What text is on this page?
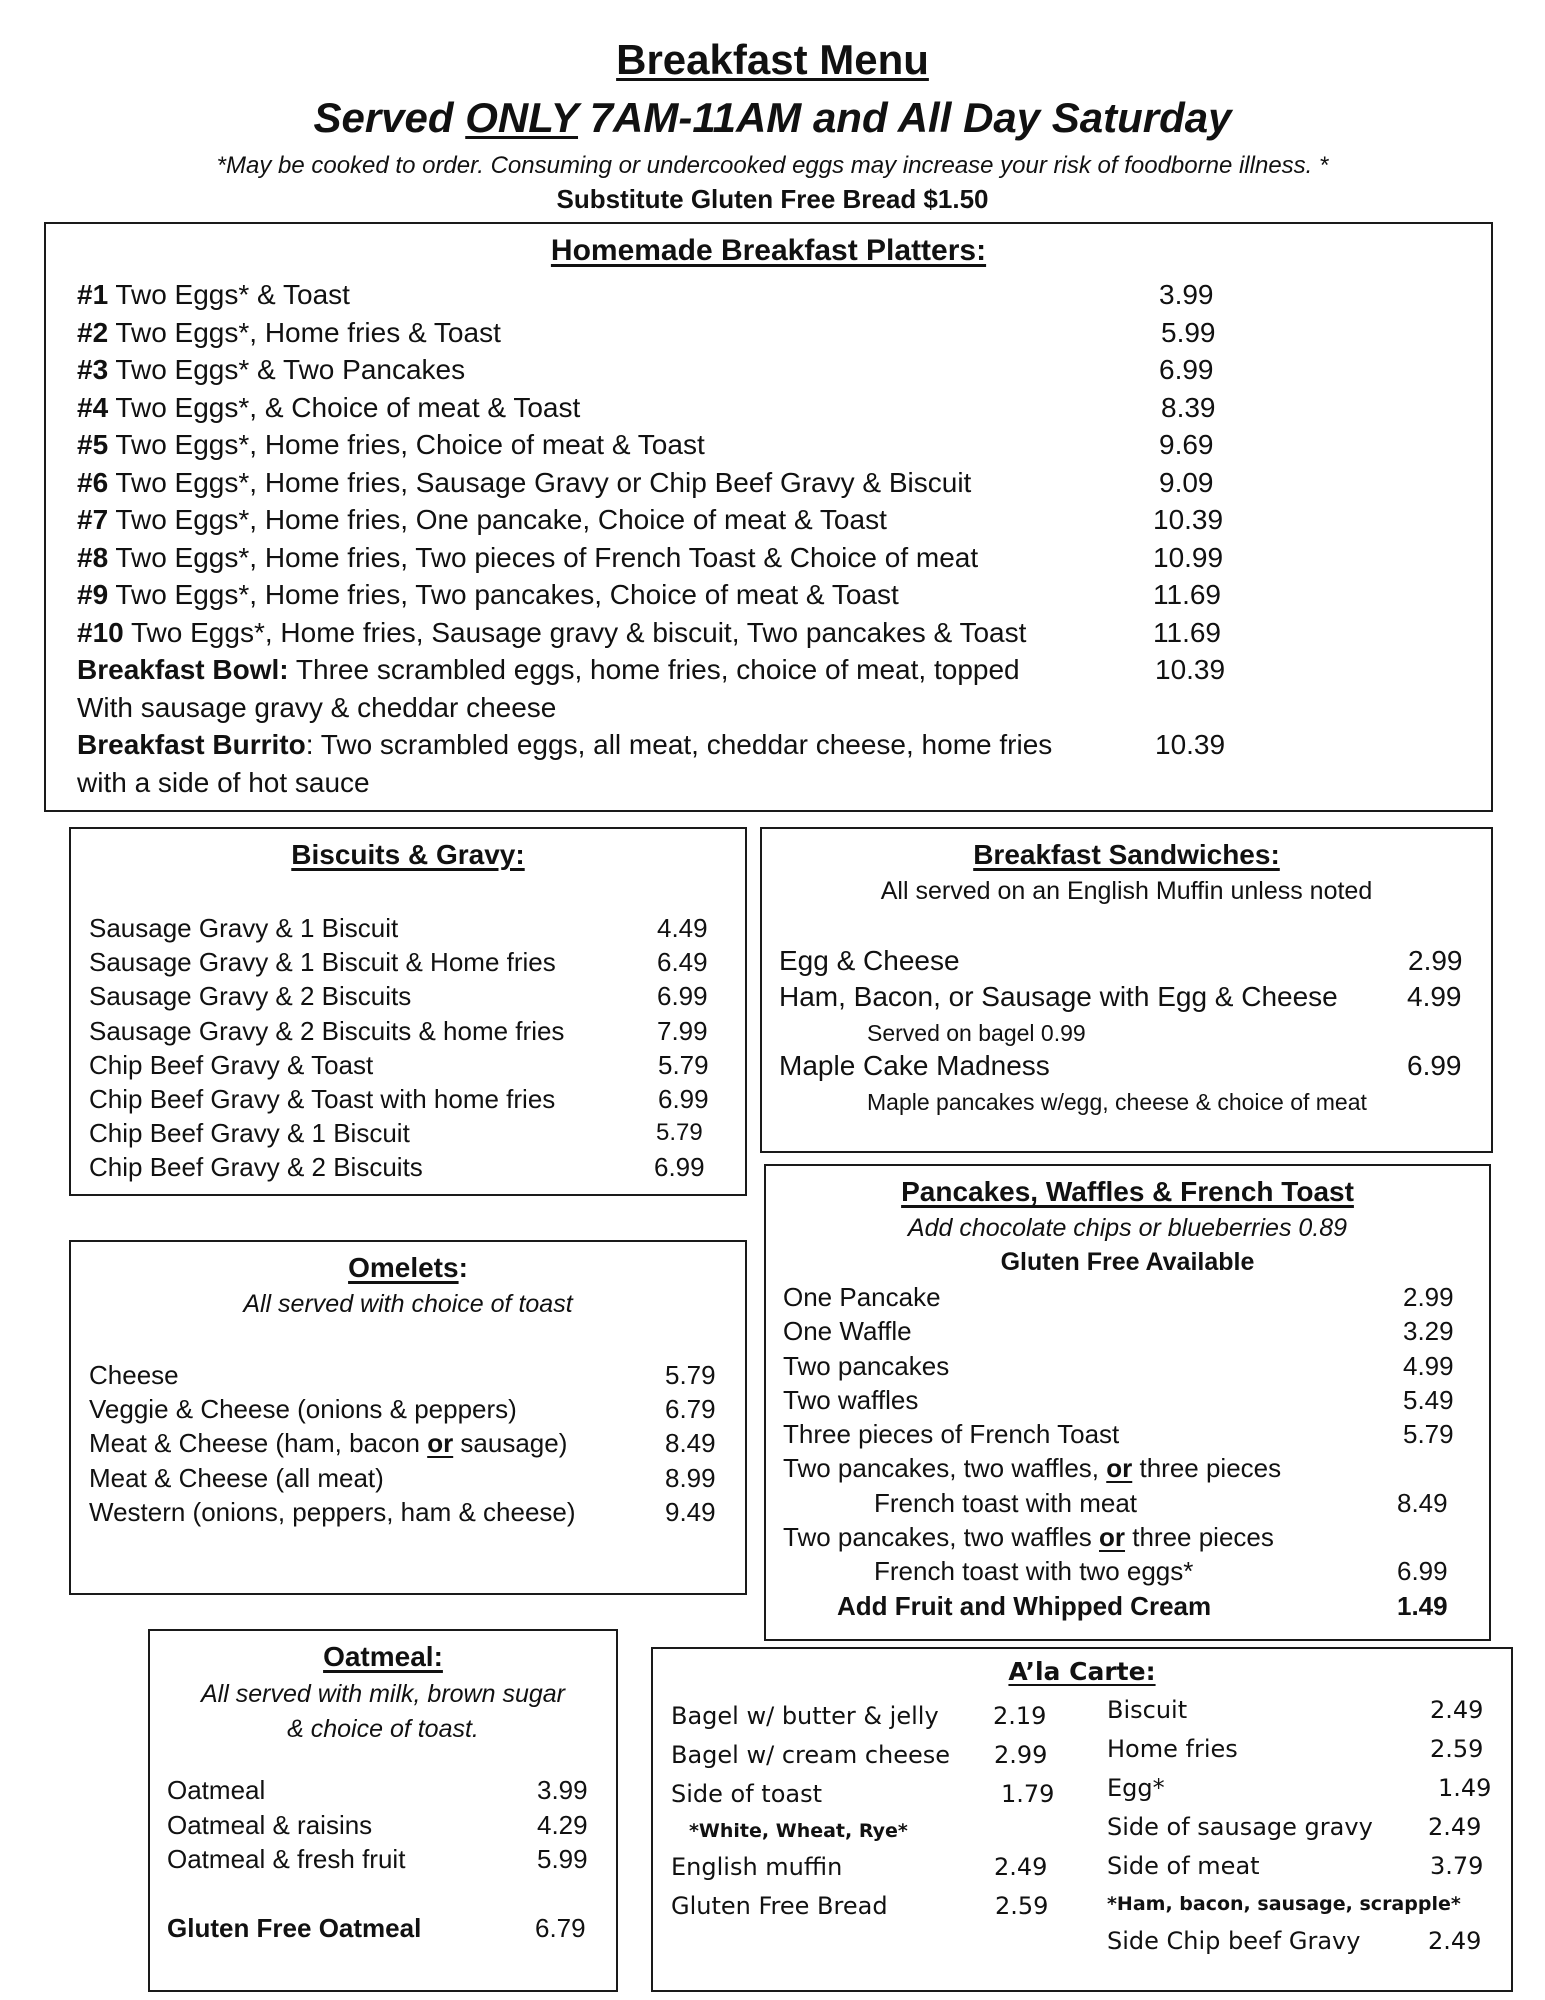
Breakfast Menu
Served ONLY 7AM-11AM and All Day Saturday
*May be cooked to order. Consuming or undercooked eggs may increase your risk of foodborne illness. *
Substitute Gluten Free Bread $1.50
Homemade Breakfast Platters:
#1 Two Eggs* & Toast	3.99
#2 Two Eggs*, Home fries & Toast	5.99
#3 Two Eggs* & Two Pancakes	6.99
#4 Two Eggs*, & Choice of meat & Toast	8.39
#5 Two Eggs*, Home fries, Choice of meat & Toast	9.69
#6 Two Eggs*, Home fries, Sausage Gravy or Chip Beef Gravy & Biscuit	9.09
#7 Two Eggs*, Home fries, One pancake, Choice of meat & Toast	10.39
#8 Two Eggs*, Home fries, Two pieces of French Toast & Choice of meat	10.99
#9 Two Eggs*, Home fries, Two pancakes, Choice of meat & Toast	11.69
#10 Two Eggs*, Home fries, Sausage gravy & biscuit, Two pancakes & Toast	11.69
Breakfast Bowl: Three scrambled eggs, home fries, choice of meat, topped	10.39
With sausage gravy & cheddar cheese
Breakfast Burrito: Two scrambled eggs, all meat, cheddar cheese, home fries	10.39
with a side of hot sauce
Biscuits & Gravy:
Sausage Gravy & 1 Biscuit	4.49
Sausage Gravy & 1 Biscuit & Home fries	6.49
Sausage Gravy & 2 Biscuits	6.99
Sausage Gravy & 2 Biscuits & home fries	7.99
Chip Beef Gravy & Toast	5.79
Chip Beef Gravy & Toast with home fries	6.99
Chip Beef Gravy & 1 Biscuit	5.79
Chip Beef Gravy & 2 Biscuits	6.99
Breakfast Sandwiches:
All served on an English Muffin unless noted
Egg & Cheese	2.99
Ham, Bacon, or Sausage with Egg & Cheese 4.99
Served on bagel 0.99
Maple Cake Madness	6.99
Maple pancakes w/egg, cheese & choice of meat
Omelets:
All served with choice of toast
Cheese	5.79
Veggie & Cheese (onions & peppers)	6.79
Meat & Cheese (ham, bacon or sausage)	8.49
Meat & Cheese (all meat)	8.99
Western (onions, peppers, ham & cheese)	9.49
Pancakes, Waffles & French Toast
Add chocolate chips or blueberries 0.89
Gluten Free Available
One Pancake	2.99
One Waffle	3.29
Two pancakes	4.99
Two waffles	5.49
Three pieces of French Toast	5.79
Two pancakes, two waffles, or three pieces
French toast with meat	8.49
Two pancakes, two waffles or three pieces
French toast with two eggs*	6.99
Add Fruit and Whipped Cream	1.49
Oatmeal:
All served with milk, brown sugar
& choice of toast.
Oatmeal	3.99
Oatmeal & raisins	4.29
Oatmeal & fresh fruit	5.99
Gluten Free Oatmeal	6.79
A’la Carte:
Bagel w/ butter & jelly 2.19
Bagel w/ cream cheese 2.99
Side of toast	1.79
*White, Wheat, Rye*
English muffin	2.49
Gluten Free Bread	2.59
Biscuit	2.49
Home fries	2.59
Egg*	1.49
Side of sausage gravy 2.49
Side of meat	3.79
*Ham, bacon, sausage, scrapple*
Side Chip beef Gravy	2.49
